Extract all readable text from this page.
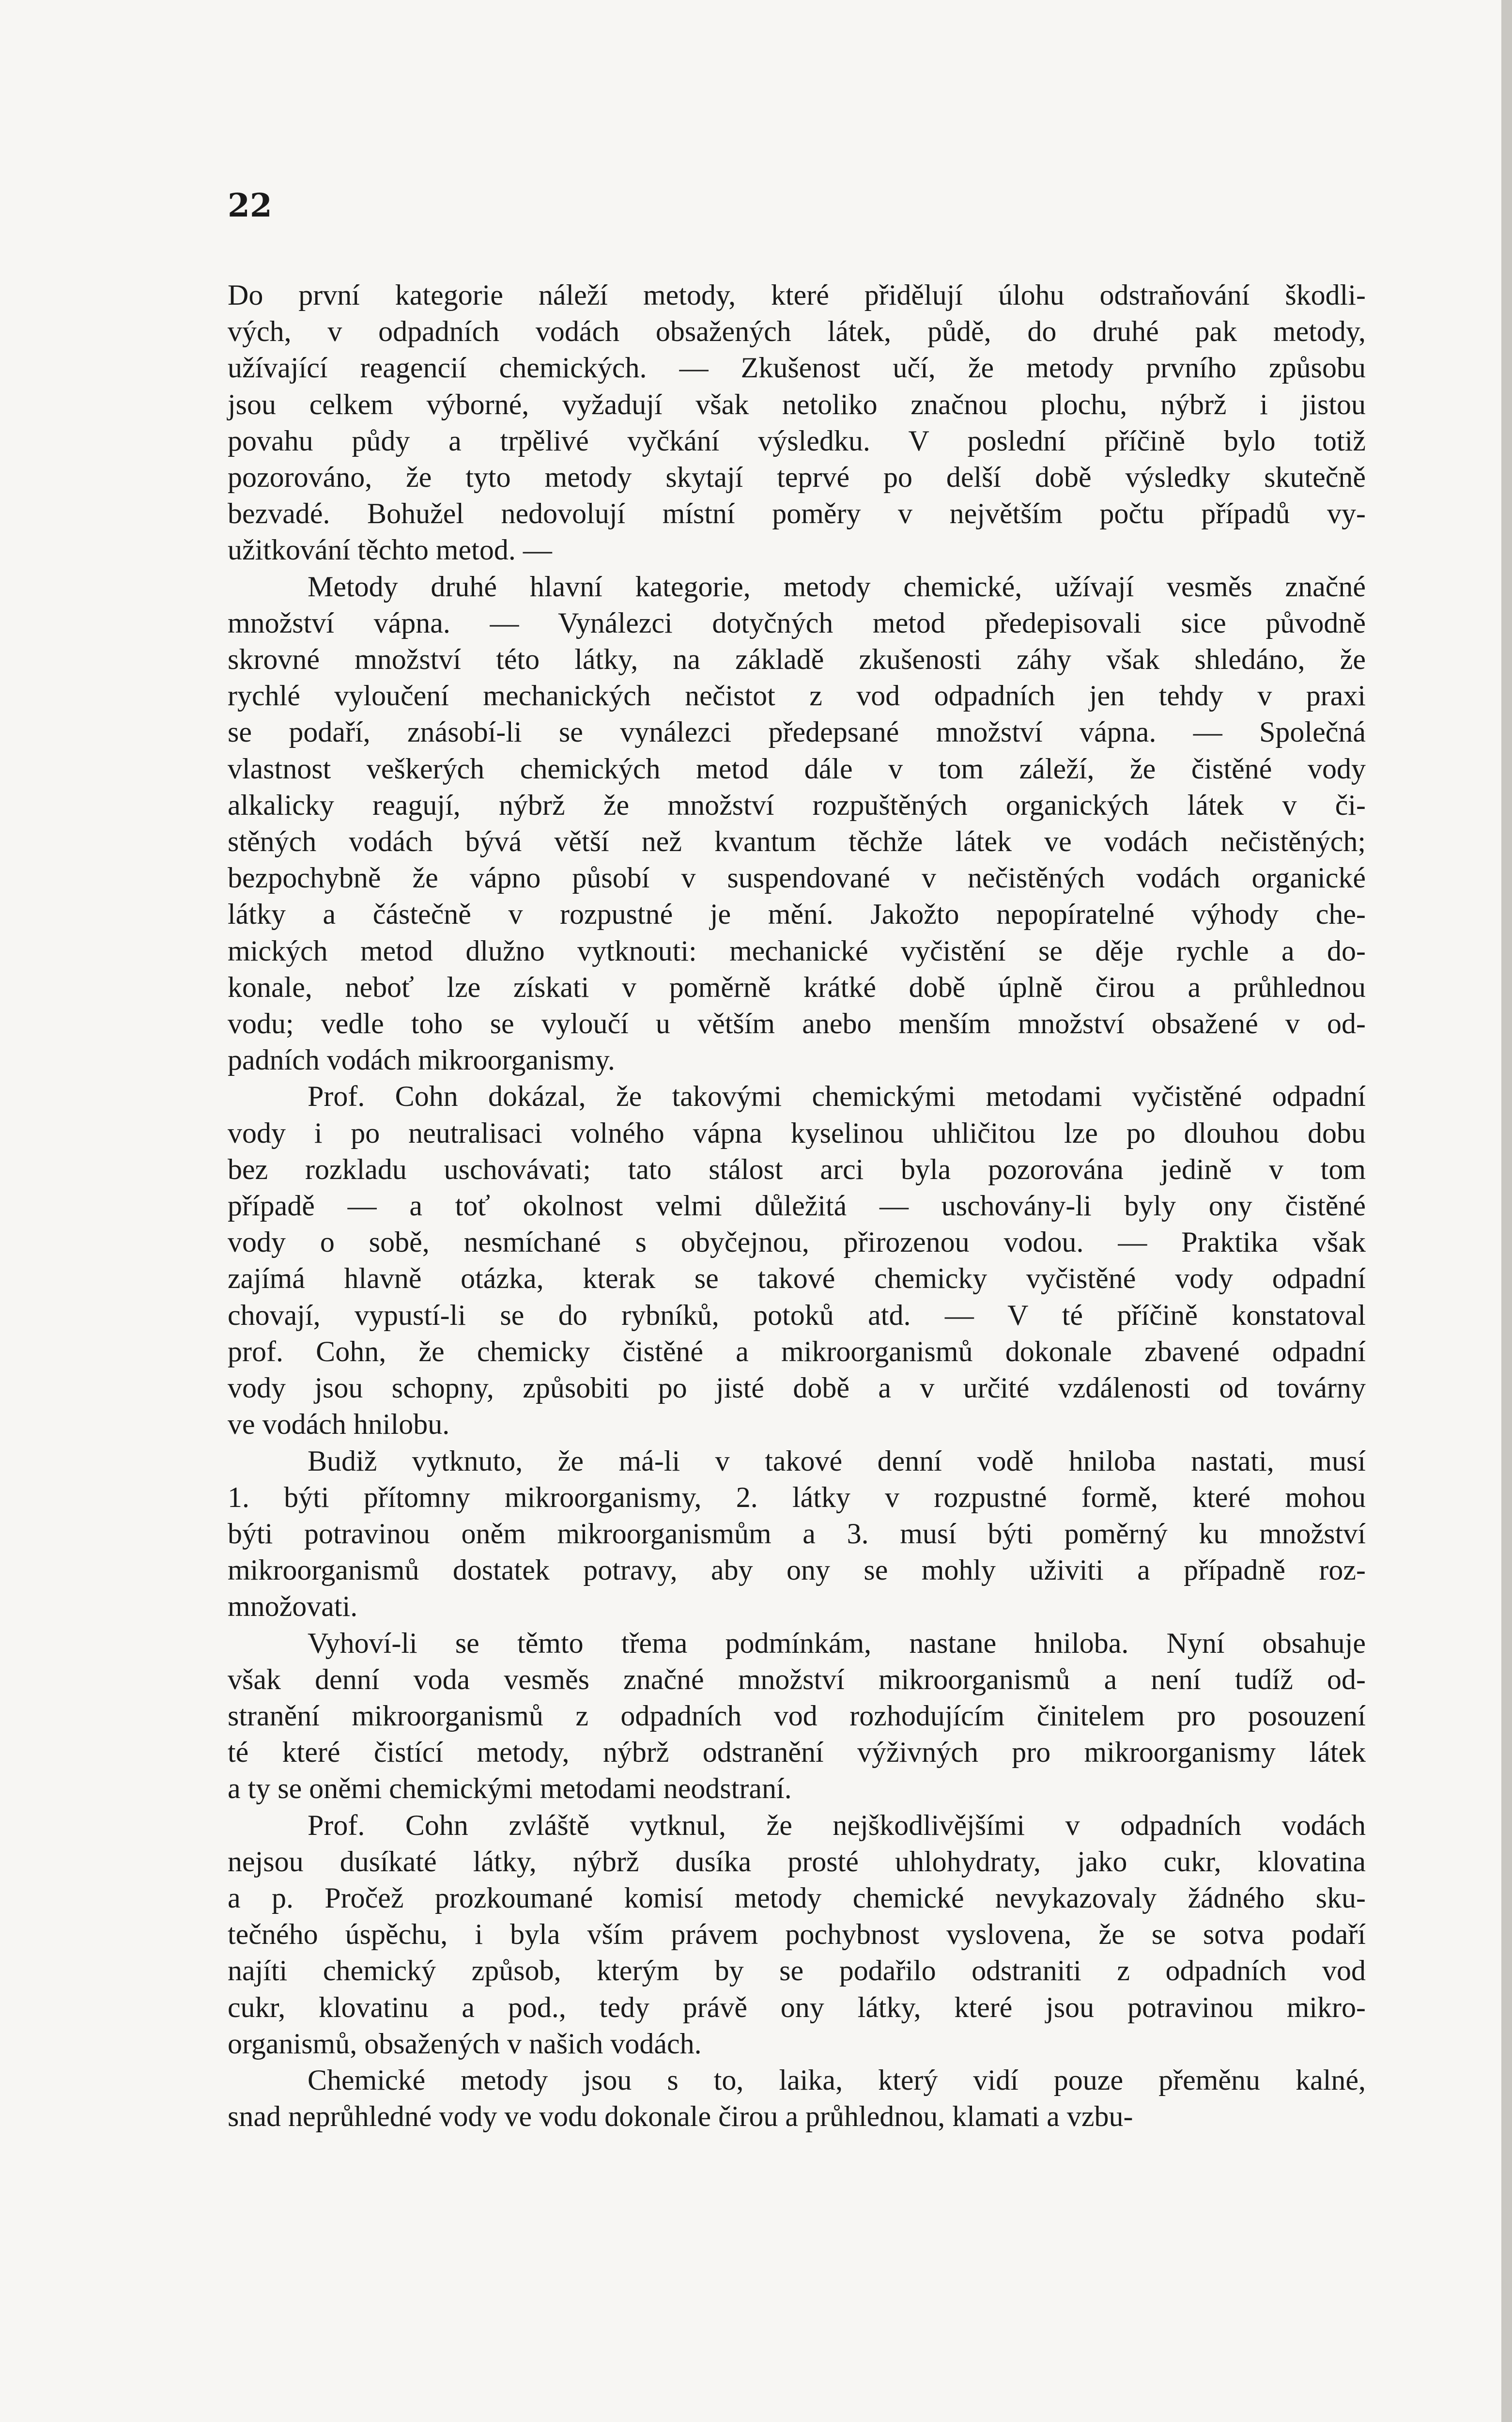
22
Do první kategorie náleží metody, které přidělují úlohu odstraňování škodli-
vých, v odpadních vodách obsažených látek, půdě, do druhé pak metody,
užívající reagencií chemických. — Zkušenost učí, že metody prvního způsobu
jsou celkem výborné, vyžadují však netoliko značnou plochu, nýbrž i jistou
povahu půdy a trpělivé vyčkání výsledku. V poslední příčině bylo totiž
pozorováno, že tyto metody skytají teprvé po delší době výsledky skutečně
bezvadé. Bohužel nedovolují místní poměry v největším počtu případů vy-
užitkování těchto metod. —
Metody druhé hlavní kategorie, metody chemické, užívají vesměs značné
množství vápna. — Vynálezci dotyčných metod předepisovali sice původně
skrovné množství této látky, na základě zkušenosti záhy však shledáno, že
rychlé vyloučení mechanických nečistot z vod odpadních jen tehdy v praxi
se podaří, znásobí-li se vynálezci předepsané množství vápna. — Společná
vlastnost veškerých chemických metod dále v tom záleží, že čistěné vody
alkalicky reagují, nýbrž že množství rozpuštěných organických látek v či-
stěných vodách bývá větší než kvantum těchže látek ve vodách nečistěných;
bezpochybně že vápno působí v suspendované v nečistěných vodách organické
látky a částečně v rozpustné je mění. Jakožto nepopíratelné výhody che-
mických metod dlužno vytknouti: mechanické vyčistění se děje rychle a do-
konale, neboť lze získati v poměrně krátké době úplně čirou a průhlednou
vodu; vedle toho se vyloučí u větším anebo menším množství obsažené v od-
padních vodách mikroorganismy.
Prof. Cohn dokázal, že takovými chemickými metodami vyčistěné odpadní
vody i po neutralisaci volného vápna kyselinou uhličitou lze po dlouhou dobu
bez rozkladu uschovávati; tato stálost arci byla pozorována jedině v tom
případě — a toť okolnost velmi důležitá — uschovány-li byly ony čistěné
vody o sobě, nesmíchané s obyčejnou, přirozenou vodou. — Praktika však
zajímá hlavně otázka, kterak se takové chemicky vyčistěné vody odpadní
chovají, vypustí-li se do rybníků, potoků atd. — V té příčině konstatoval
prof. Cohn, že chemicky čistěné a mikroorganismů dokonale zbavené odpadní
vody jsou schopny, způsobiti po jisté době a v určité vzdálenosti od továrny
ve vodách hnilobu.
Budiž vytknuto, že má-li v takové denní vodě hniloba nastati, musí
1. býti přítomny mikroorganismy, 2. látky v rozpustné formě, které mohou
býti potravinou oněm mikroorganismům a 3. musí býti poměrný ku množství
mikroorganismů dostatek potravy, aby ony se mohly uživiti a případně roz-
množovati.
Vyhoví-li se těmto třema podmínkám, nastane hniloba. Nyní obsahuje
však denní voda vesměs značné množství mikroorganismů a není tudíž od-
stranění mikroorganismů z odpadních vod rozhodujícím činitelem pro posouzení
té které čistící metody, nýbrž odstranění výživných pro mikroorganismy látek
a ty se oněmi chemickými metodami neodstraní.
Prof. Cohn zvláště vytknul, že nejškodlivějšími v odpadních vodách
nejsou dusíkaté látky, nýbrž dusíka prosté uhlohydraty, jako cukr, klovatina
a p. Pročež prozkoumané komisí metody chemické nevykazovaly žádného sku-
tečného úspěchu, i byla vším právem pochybnost vyslovena, že se sotva podaří
najíti chemický způsob, kterým by se podařilo odstraniti z odpadních vod
cukr, klovatinu a pod., tedy právě ony látky, které jsou potravinou mikro-
organismů, obsažených v našich vodách.
Chemické metody jsou s to, laika, který vidí pouze přeměnu kalné,
snad neprůhledné vody ve vodu dokonale čirou a průhlednou, klamati a vzbu-
